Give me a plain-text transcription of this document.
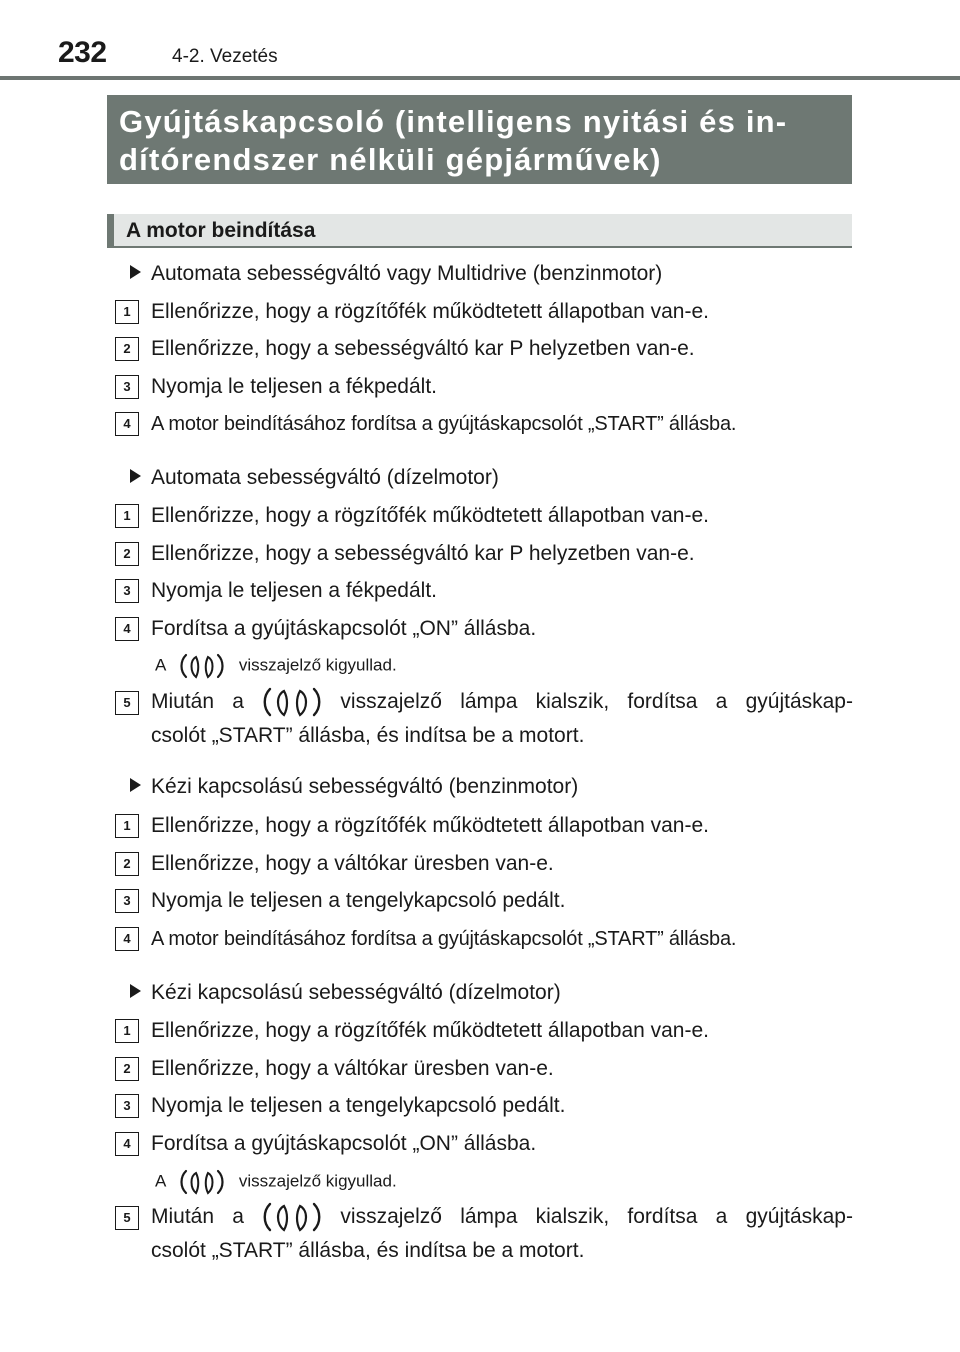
232	4-2. Vezetés
Gyújtáskapcsoló (intelligens nyitási és in-
dítórendszer nélküli gépjárművek)
A motor beindítása
Automata sebességváltó vagy Multidrive (benzinmotor)
1 Ellenőrizze, hogy a rögzítőfék működtetett állapotban van-e.
2 Ellenőrizze, hogy a sebességváltó kar P helyzetben van-e.
3 Nyomja le teljesen a fékpedált.
4	A motor beindításához fordítsa a gyújtáskapcsolót „START” állásba.
Automata sebességváltó (dízelmotor)
1 Ellenőrizze, hogy a rögzítőfék működtetett állapotban van-e.
2 Ellenőrizze, hogy a sebességváltó kar P helyzetben van-e.
3 Nyomja le teljesen a fékpedált.
4 Fordítsa a gyújtáskapcsolót „ON” állásba.
A	visszajelző kigyullad.
5 Miután a	visszajelző lámpa kialszik, fordítsa a gyújtáskap-
csolót „START” állásba, és indítsa be a motort.
Kézi kapcsolású sebességváltó (benzinmotor)
1 Ellenőrizze, hogy a rögzítőfék működtetett állapotban van-e.
2 Ellenőrizze, hogy a váltókar üresben van-e.
3 Nyomja le teljesen a tengelykapcsoló pedált.
4	A motor beindításához fordítsa a gyújtáskapcsolót „START” állásba.
Kézi kapcsolású sebességváltó (dízelmotor)
1 Ellenőrizze, hogy a rögzítőfék működtetett állapotban van-e.
2 Ellenőrizze, hogy a váltókar üresben van-e.
3 Nyomja le teljesen a tengelykapcsoló pedált.
4 Fordítsa a gyújtáskapcsolót „ON” állásba.
A	visszajelző kigyullad.
5 Miután a	visszajelző lámpa kialszik, fordítsa a gyújtáskap-
csolót „START” állásba, és indítsa be a motort.
